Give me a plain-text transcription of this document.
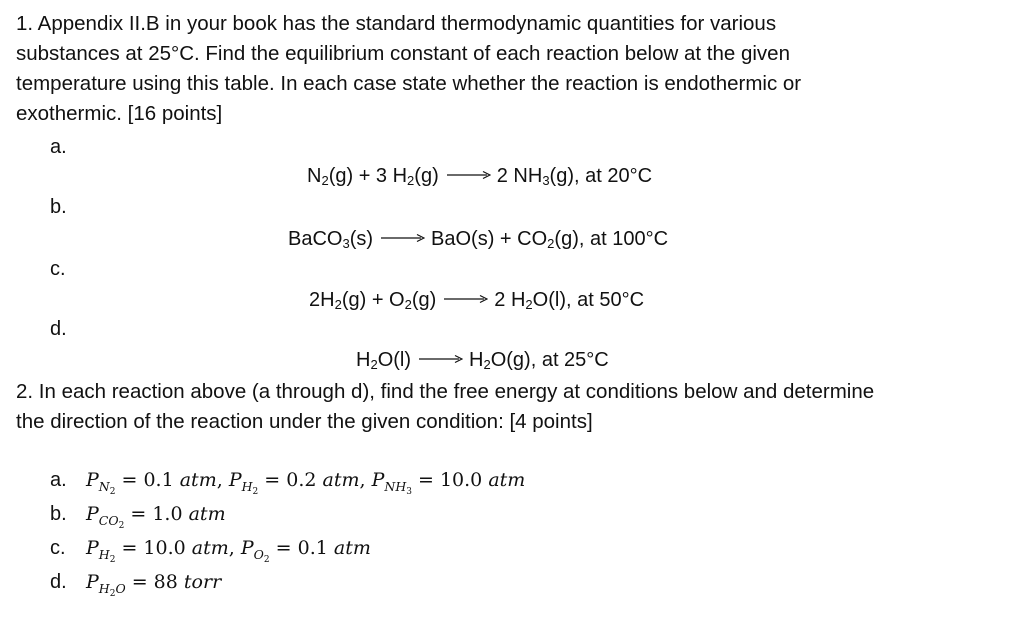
1. Appendix II.B in your book has the standard thermodynamic quantities for various
substances at 25°C. Find the equilibrium constant of each reaction below at the given
temperature using this table. In each case state whether the reaction is endothermic or
exothermic. [16 points]
a.
$N_2(g) + 3$ $H_2(g) \to 2$ $NH_3(g)$, at 20°C
b.
BaCO$_3$(s) → $BaO(s) + CO_2(g)$, at 100°C
c.
$2H_2(g) + O_2(g) \to 2$ $H_2O(l)$, at 50°C
d.
$H_2O(l) \to H_2O(g)$, at 25°C
2. In each reaction above (a through d), find the free energy at conditions below and determine
the direction of the reaction under the given condition: [4 points]
a. $P_{N_2} = 0.1$ atm, $P_{H_2} = 0.2$ atm, $P_{NH_3} = 10.0$ atm
b. $P_{CO_2} = 1.0$ atm
c. $P_{H_2} = 10.0$ atm, $P_{O_2} = 0.1$ atm
d. $P_{H_2O} = 88$ torr
